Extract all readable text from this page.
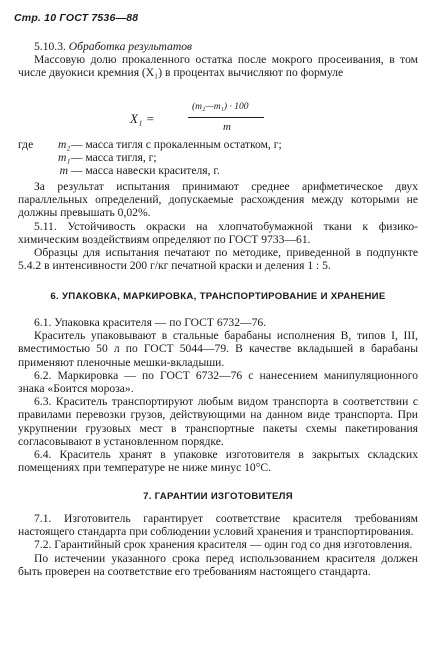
Стр. 10 ГОСТ 7536—88

5.10.3. Обработка результатов

Массовую долю прокаленного остатка после мокрого просеивания, в том числе двуокиси кремния (X₁) в процентах вычисляют по формуле

X₁ =
(m₂—m₁) · 100
m
где m₂ — масса тигля с прокаленным остатком, г;
m₁ — масса тигля, г;
m — масса навески красителя, г.

За результат испытания принимают среднее арифметическое двух параллельных определений, допускаемые расхождения между которыми не должны превышать 0,02%.

5.11. Устойчивость окраски на хлопчатобумажной ткани к физико-химическим воздействиям определяют по ГОСТ 9733—61.

Образцы для испытания печатают по методике, приведенной в подпункте 5.4.2 в интенсивности 200 г/кг печатной краски и деления 1 : 5.

6. УПАКОВКА, МАРКИРОВКА, ТРАНСПОРТИРОВАНИЕ И ХРАНЕНИЕ

6.1. Упаковка красителя — по ГОСТ 6732—76.

Краситель упаковывают в стальные барабаны исполнения В, типов I, III, вместимостью 50 л по ГОСТ 5044—79. В качестве вкладышей в барабаны применяют пленочные мешки-вкладыши.

6.2. Маркировка — по ГОСТ 6732—76 с нанесением манипуляционного знака «Боится мороза».

6.3. Краситель транспортируют любым видом транспорта в соответствии с правилами перевозки грузов, действующими на данном виде транспорта. При укрупнении грузовых мест в транспортные пакеты схемы пакетирования согласовывают в установленном порядке.

6.4. Краситель хранят в упаковке изготовителя в закрытых складских помещениях при температуре не ниже минус 10°С.

7. ГАРАНТИИ ИЗГОТОВИТЕЛЯ

7.1. Изготовитель гарантирует соответствие красителя требованиям настоящего стандарта при соблюдении условий хранения и транспортирования.

7.2. Гарантийный срок хранения красителя — один год со дня изготовления.

По истечении указанного срока перед использованием красителя должен быть проверен на соответствие его требованиям настоящего стандарта.
